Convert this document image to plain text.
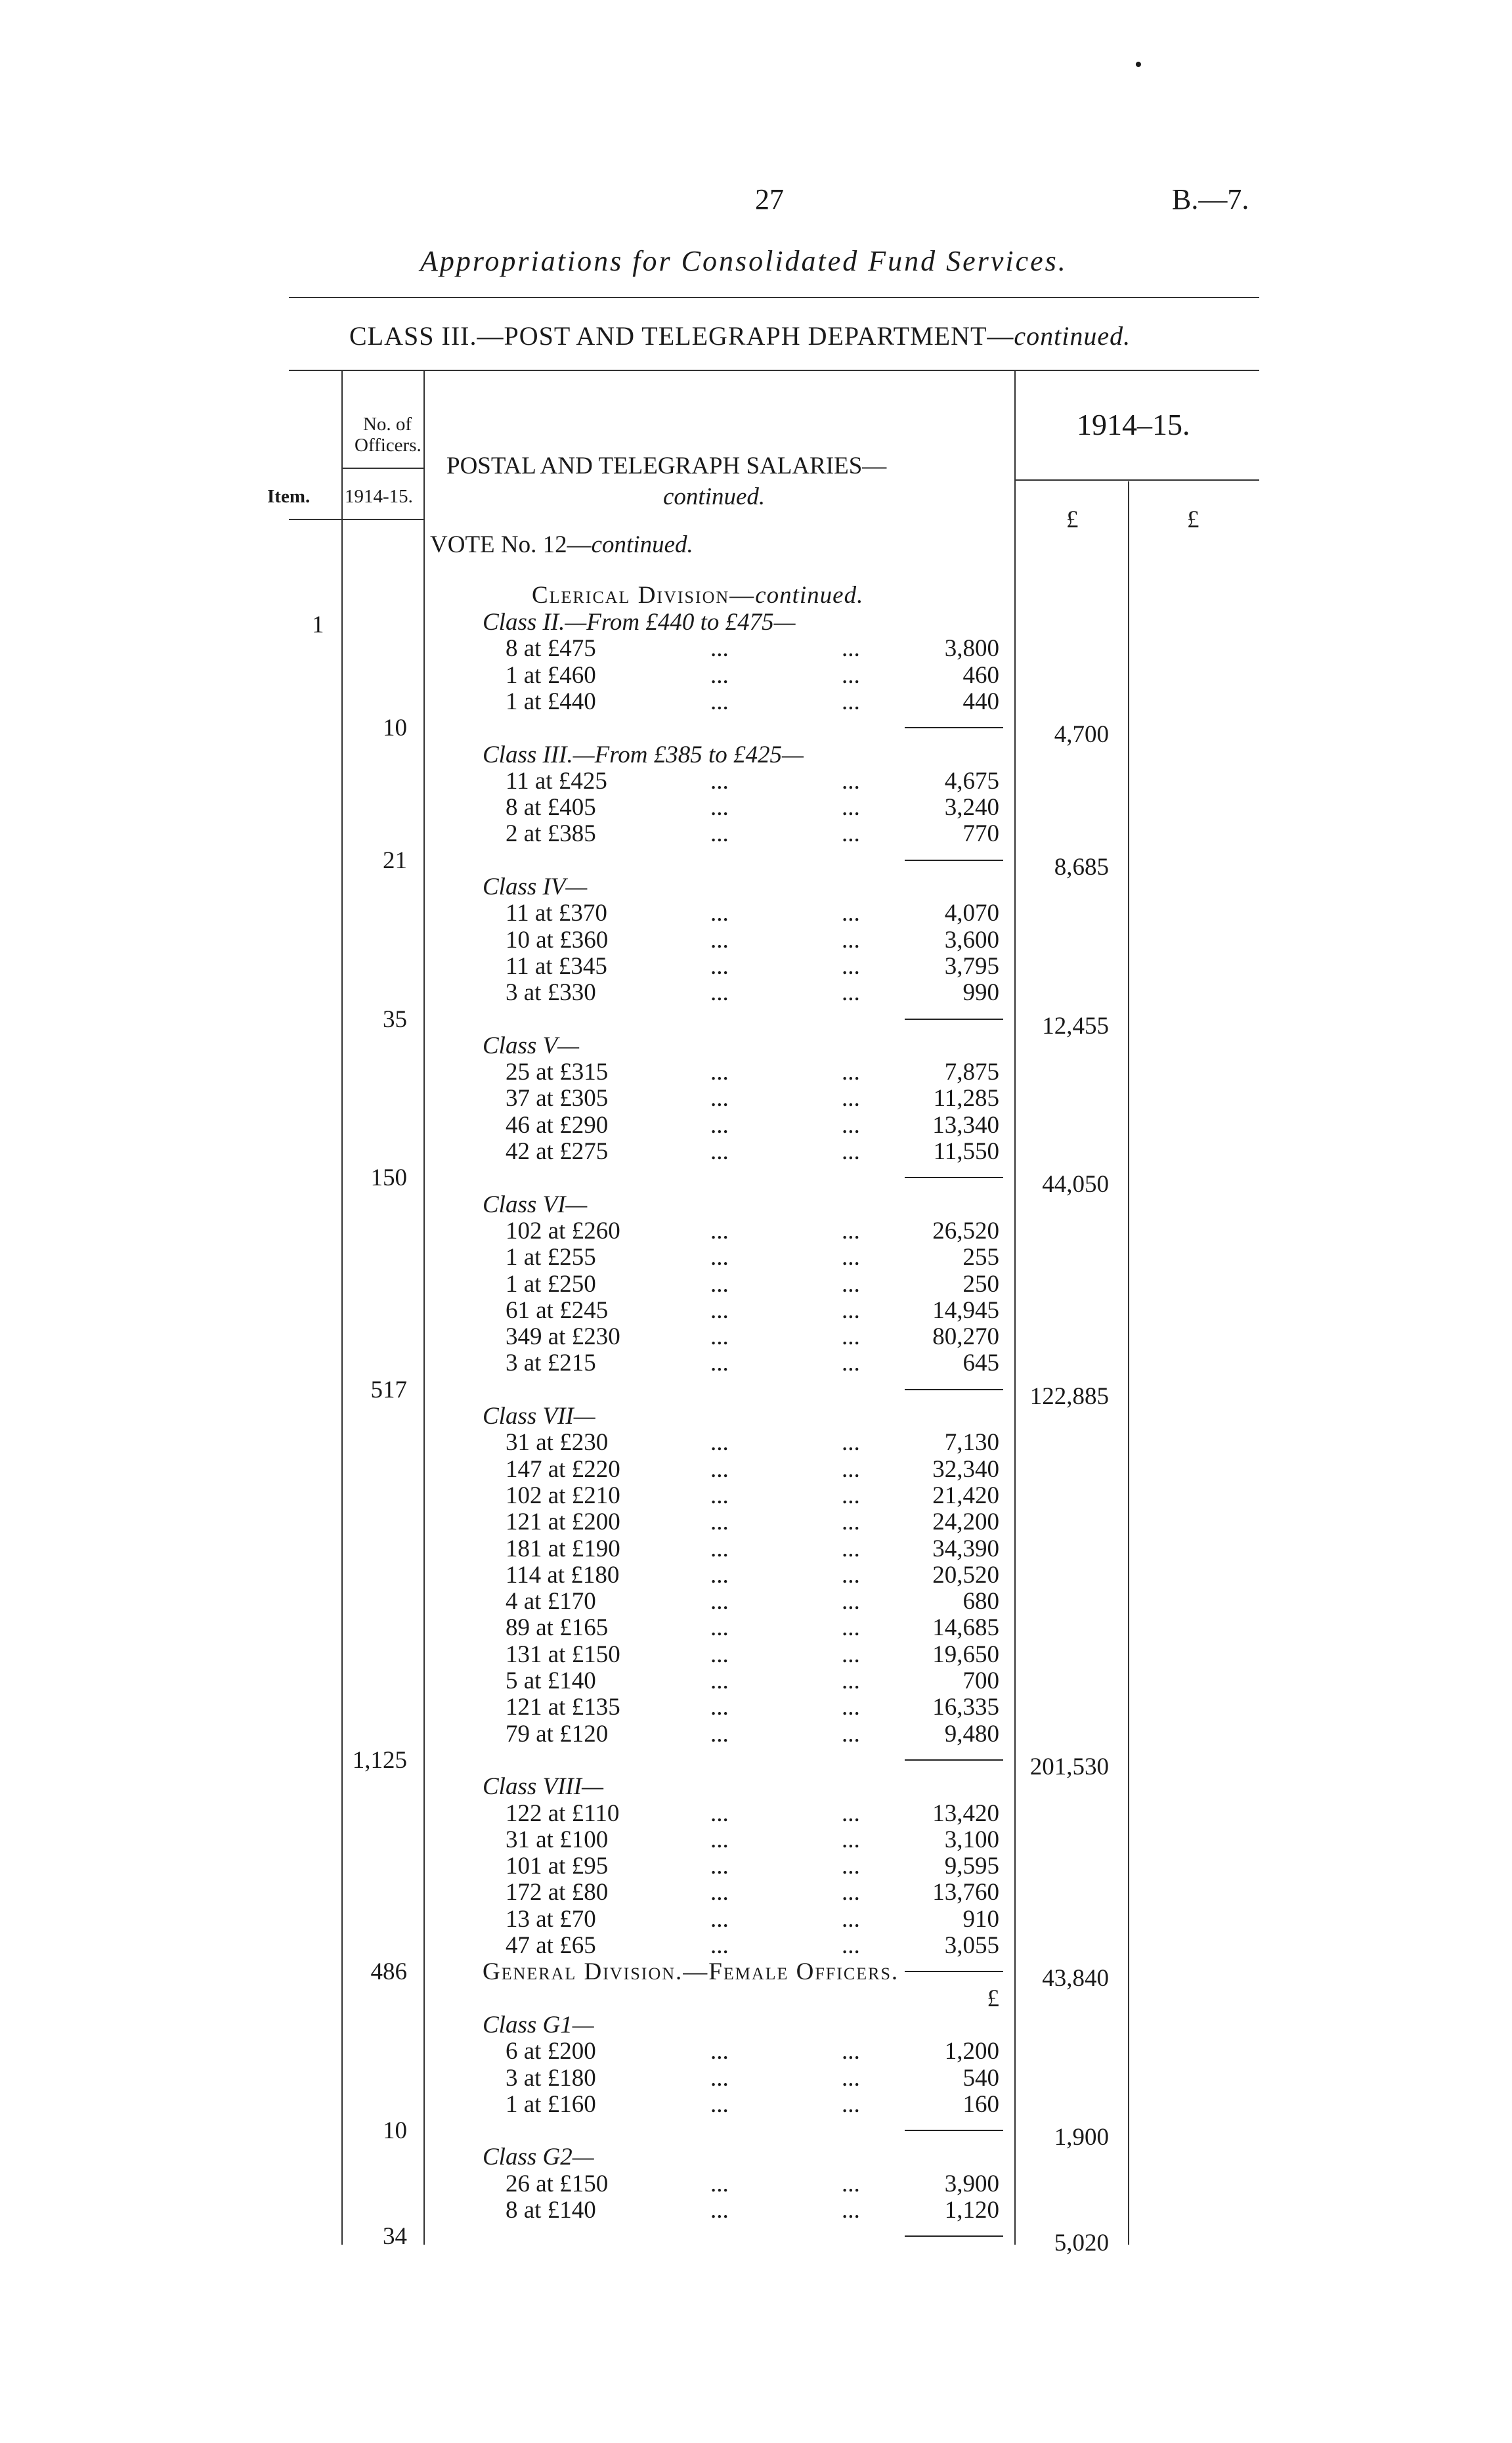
27	B.—7.
•
Appropriations for Consolidated Fund Services.
CLASS III.—POST AND TELEGRAPH DEPARTMENT—continued.
No. of Officers.
Item. 1914-15.
POSTAL AND TELEGRAPH SALARIES—
continued.
1914–15.
£	£
VOTE No. 12—continued.
1
Clerical Division—continued.
Class II.—From £440 to £475—
8 at £475	...	...	3,800
1 at £460	...	...	460
1 at £440	...	...	440
10	4,700
Class III.—From £385 to £425—
11 at £425	...	...	4,675
8 at £405	...	...	3,240
2 at £385	...	...	770
21	8,685
Class IV—
11 at £370	...	...	4,070
10 at £360	...	...	3,600
11 at £345	...	...	3,795
3 at £330	...	...	990
35	12,455
Class V—
25 at £315	...	...	7,875
37 at £305	...	...	11,285
46 at £290	...	...	13,340
42 at £275	...	...	11,550
150	44,050
Class VI—
102 at £260	...	...	26,520
1 at £255	...	...	255
1 at £250	...	...	250
61 at £245	...	...	14,945
349 at £230	...	...	80,270
3 at £215	...	...	645
517	122,885
Class VII—
31 at £230	...	...	7,130
147 at £220	...	...	32,340
102 at £210	...	...	21,420
121 at £200	...	...	24,200
181 at £190	...	...	34,390
114 at £180	...	...	20,520
4 at £170	...	...	680
89 at £165	...	...	14,685
131 at £150	...	...	19,650
5 at £140	...	...	700
121 at £135	...	...	16,335
79 at £120	...	...	9,480
1,125	201,530
Class VIII—
122 at £110	...	...	13,420
31 at £100	...	...	3,100
101 at £95	...	...	9,595
172 at £80	...	...	13,760
13 at £70	...	...	910
47 at £65	...	...	3,055
486	43,840
General Division.—Female Officers.
£
Class G1—
6 at £200	...	...	1,200
3 at £180	...	...	540
1 at £160	...	...	160
10	1,900
Class G2—
26 at £150	...	...	3,900
8 at £140	...	...	1,120
34	5,020
